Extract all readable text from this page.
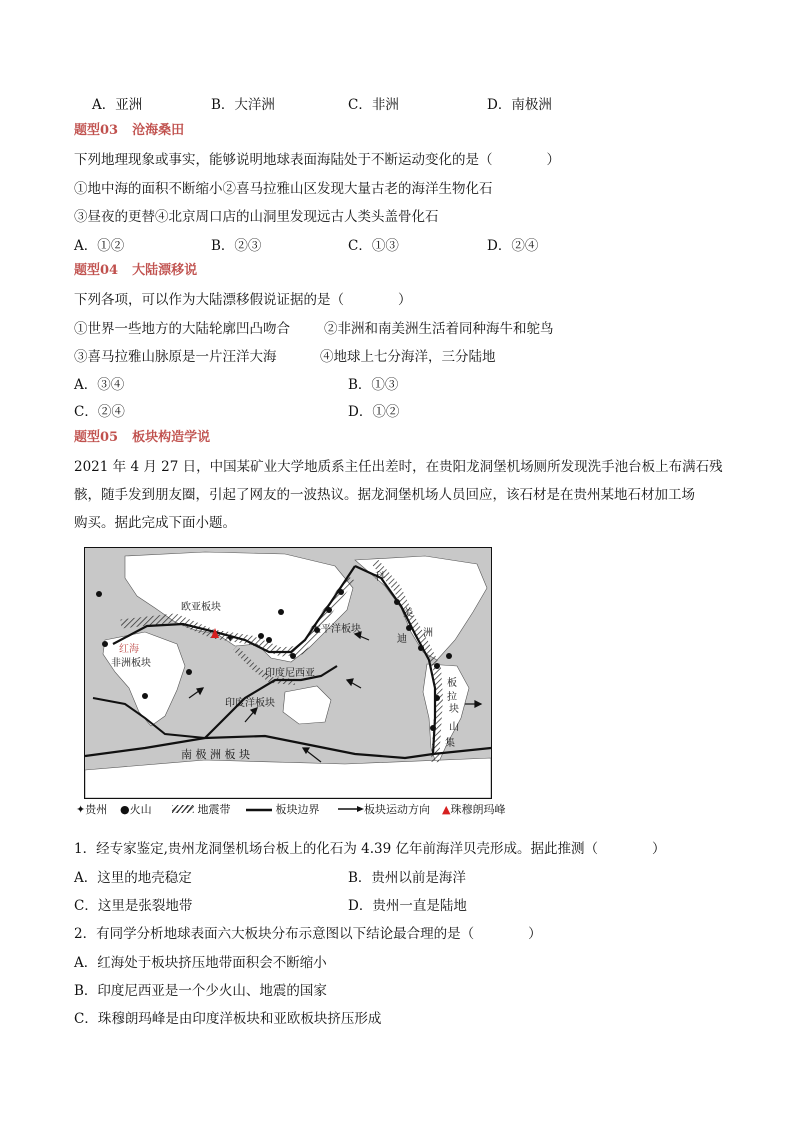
A．亚洲	B．大洋洲	C．非洲	D．南极洲
题型03 沧海桑田
下列地理现象或事实，能够说明地球表面海陆处于不断运动变化的是（	）
①地中海的面积不断缩小②喜马拉雅山区发现大量古老的海洋生物化石
③昼夜的更替④北京周口店的山洞里发现远古人类头盖骨化石
A．①②	B．②③	C．①③	D．②④
题型04 大陆漂移说
下列各项，可以作为大陆漂移假说证据的是（	）
①世界一些地方的大陆轮廓凹凸吻合	②非洲和南美洲生活着同种海牛和鸵鸟
③喜马拉雅山脉原是一片汪洋大海	④地球上七分海洋，三分陆地
A．③④	B．①③
C．②④	D．①②
题型05 板块构造学说
2021 年 4 月 27 日，中国某矿业大学地质系主任出差时，在贵阳龙洞堡机场厕所发现洗手池台板上布满石残
骸，随手发到朋友圈，引起了网友的一波热议。据龙洞堡机场人员回应，该石材是在贵州某地石材加工场
购买。据此完成下面小题。
✦
欧亚板块
太平洋板块
非洲板块
红海
印度尼西亚
印度洋板块
南 极 洲 板 块
科
美
迪
洲
板
拉
块
山
集
✦贵州 ●火山	地震带	板块边界	板块运动方向 ▲珠穆朗玛峰
1．经专家鉴定,贵州龙洞堡机场台板上的化石为 4.39 亿年前海洋贝壳形成。据此推测（	）
A．这里的地壳稳定	B．贵州以前是海洋
C．这里是张裂地带	D．贵州一直是陆地
2．有同学分析地球表面六大板块分布示意图以下结论最合理的是（	）
A．红海处于板块挤压地带面积会不断缩小
B．印度尼西亚是一个少火山、地震的国家
C．珠穆朗玛峰是由印度洋板块和亚欧板块挤压形成
